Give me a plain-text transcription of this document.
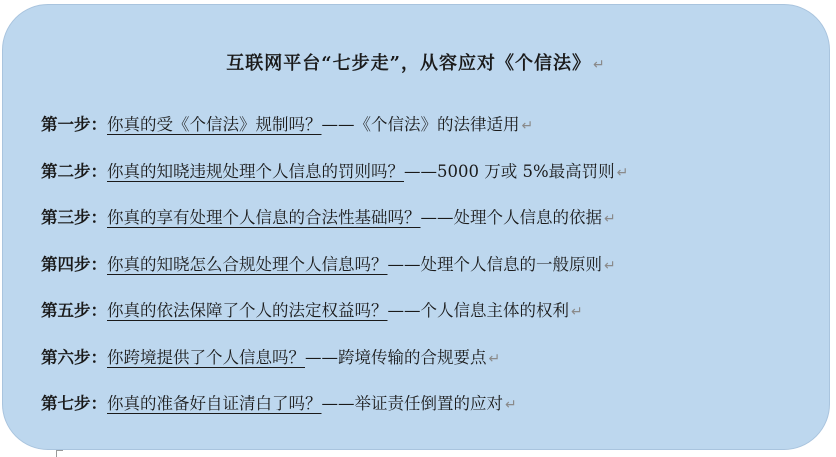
互联网平台“七步走”，从容应对《个信法》 ↵
第一步：你真的受《个信法》规制吗？——《个信法》的法律适用 ↵
第二步：你真的知晓违规处理个人信息的罚则吗？——5000 万或 5%最高罚则 ↵
第三步：你真的享有处理个人信息的合法性基础吗？——处理个人信息的依据 ↵
第四步：你真的知晓怎么合规处理个人信息吗？——处理个人信息的一般原则 ↵
第五步：你真的依法保障了个人的法定权益吗？——个人信息主体的权利 ↵
第六步：你跨境提供了个人信息吗？——跨境传输的合规要点 ↵
第七步：你真的准备好自证清白了吗？——举证责任倒置的应对 ↵
